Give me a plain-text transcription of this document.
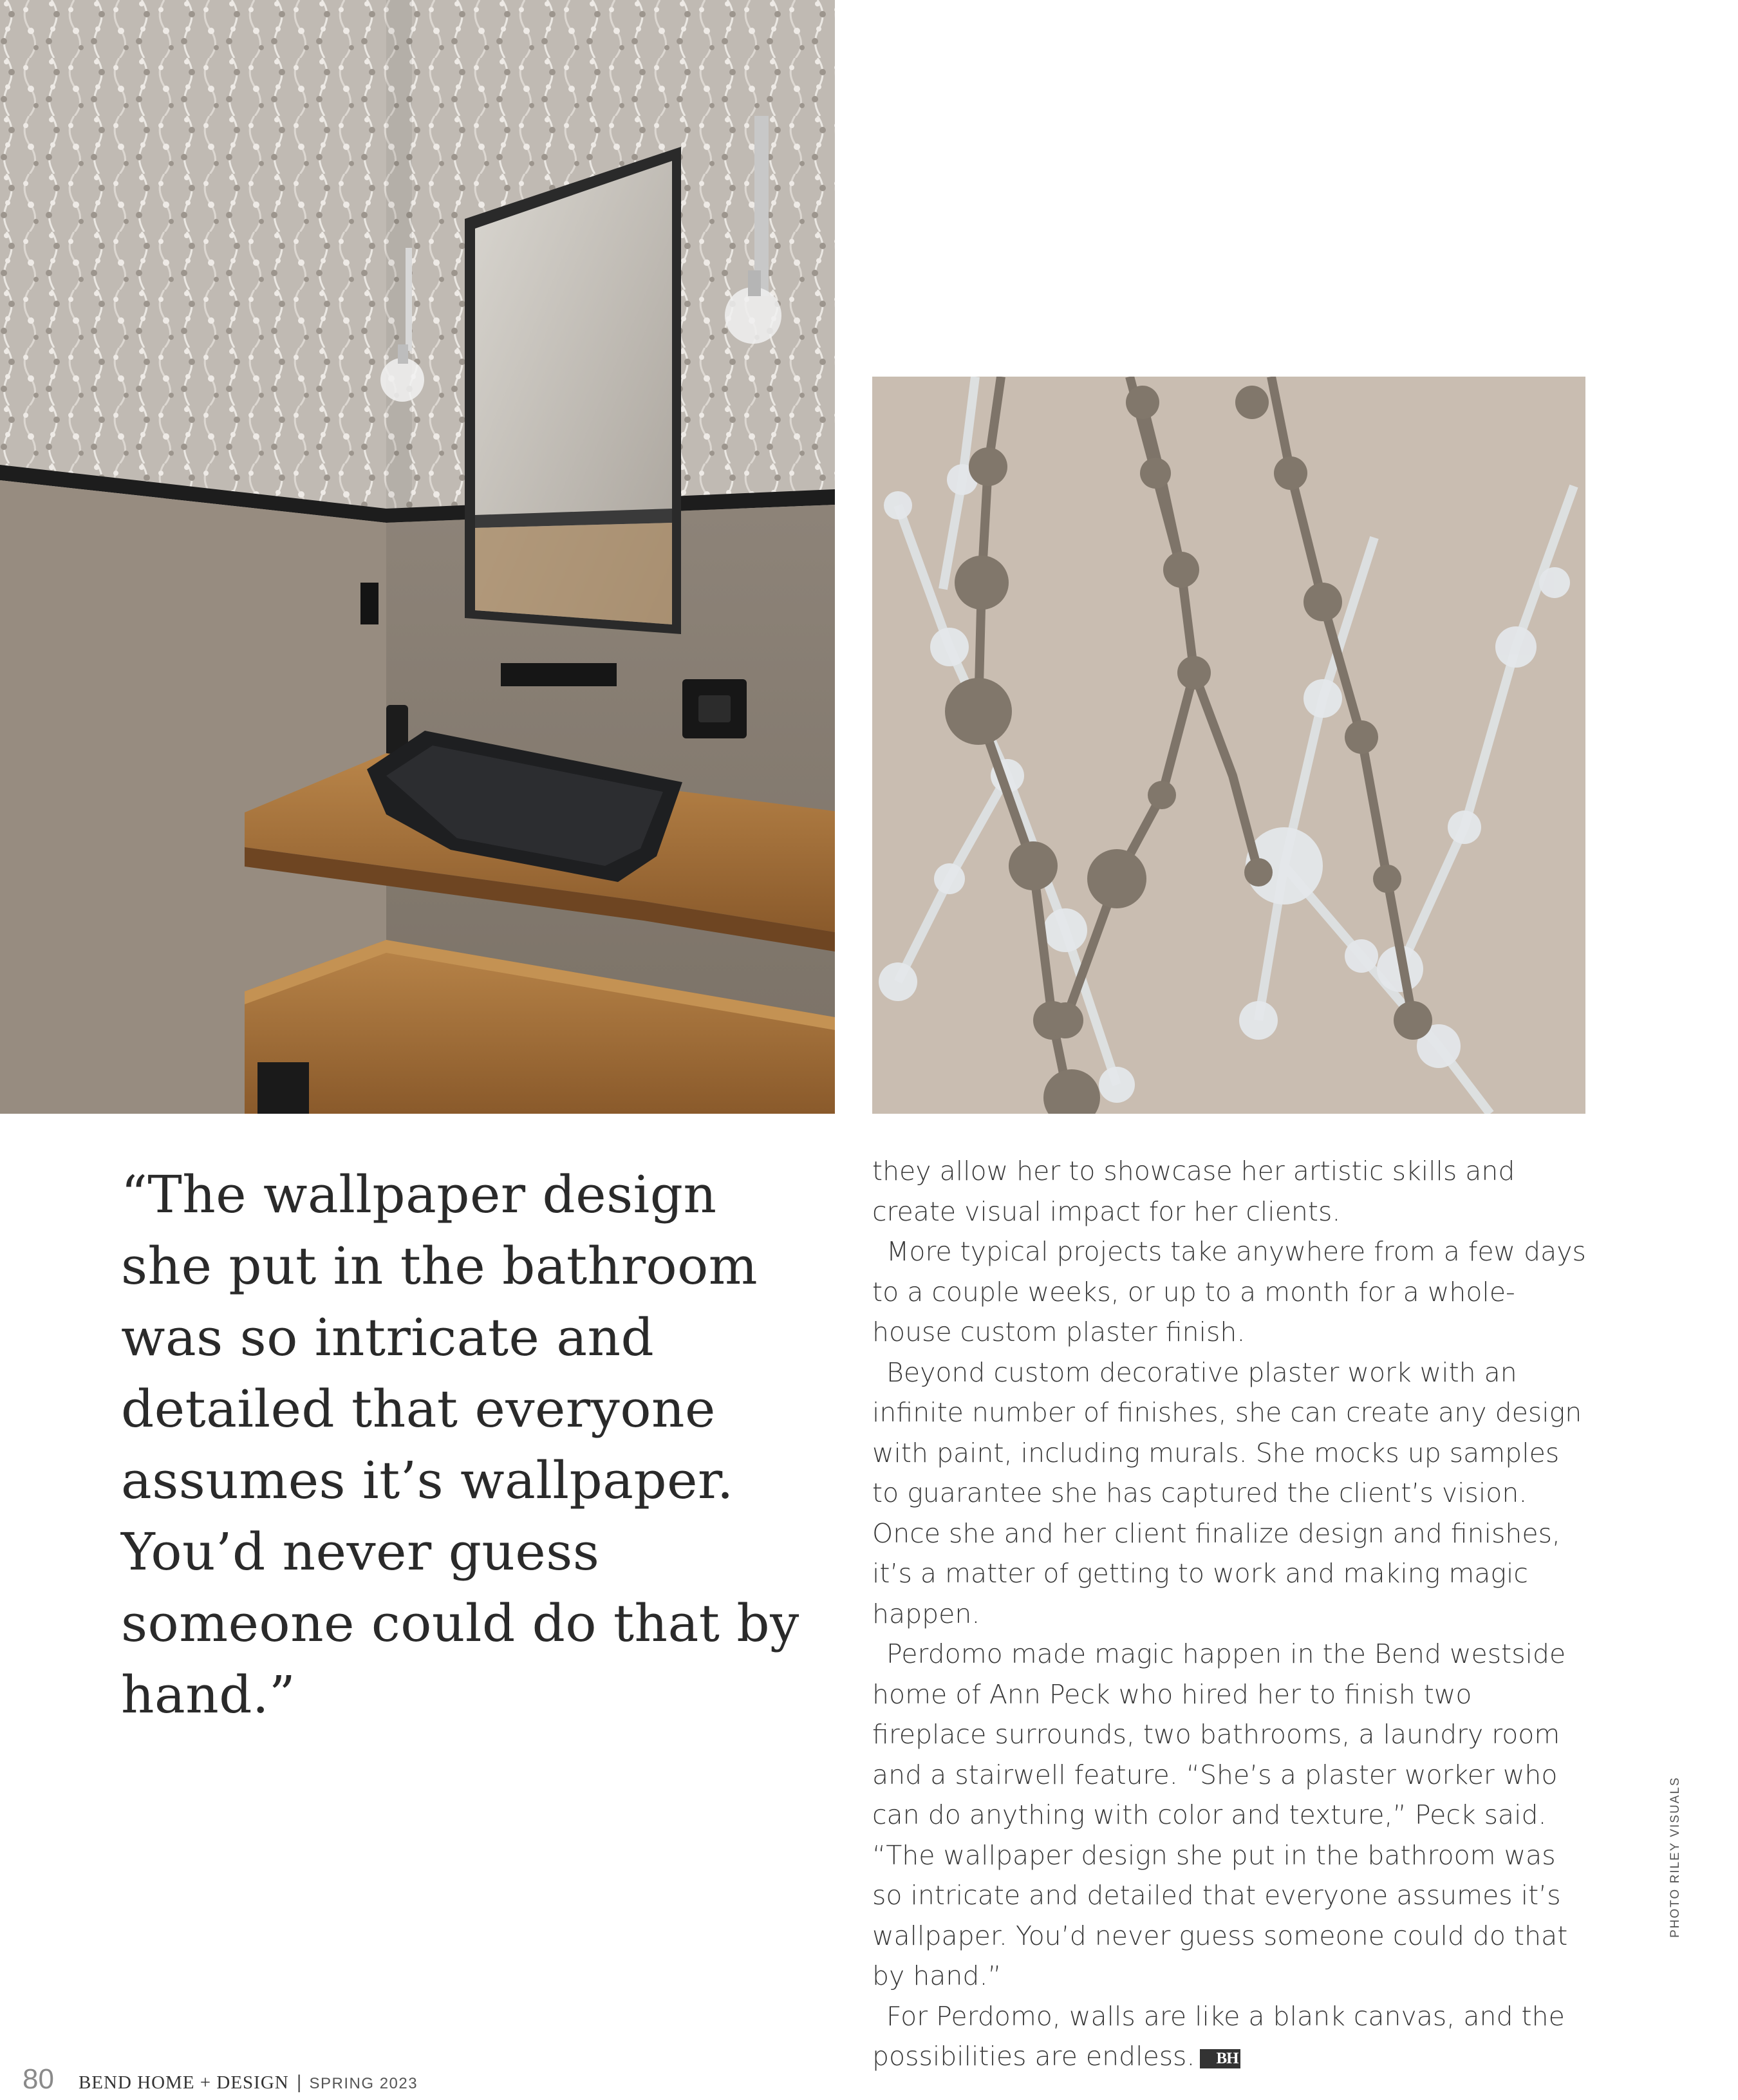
“The wallpaper design she put in the bathroom was so intricate and detailed that everyone assumes it’s wallpaper. You’d never guess someone could do that by hand.”

they allow her to showcase her artistic skills and create visual impact for her clients.

More typical projects take anywhere from a few days to a couple weeks, or up to a month for a whole-house custom plaster finish.

Beyond custom decorative plaster work with an infinite number of finishes, she can create any design with paint, including murals. She mocks up samples to guarantee she has captured the client’s vision. Once she and her client finalize design and finishes, it’s a matter of getting to work and making magic happen.

Perdomo made magic happen in the Bend westside home of Ann Peck who hired her to finish two fireplace surrounds, two bathrooms, a laundry room and a stairwell feature. “She’s a plaster worker who can do anything with color and texture,” Peck said. “The wallpaper design she put in the bathroom was so intricate and detailed that everyone assumes it’s wallpaper. You’d never guess someone could do that by hand.”

For Perdomo, walls are like a blank canvas, and the possibilities are endless. BH

PHOTO RILEY VISUALS
80 BEND HOME + DESIGN | SPRING 2023
